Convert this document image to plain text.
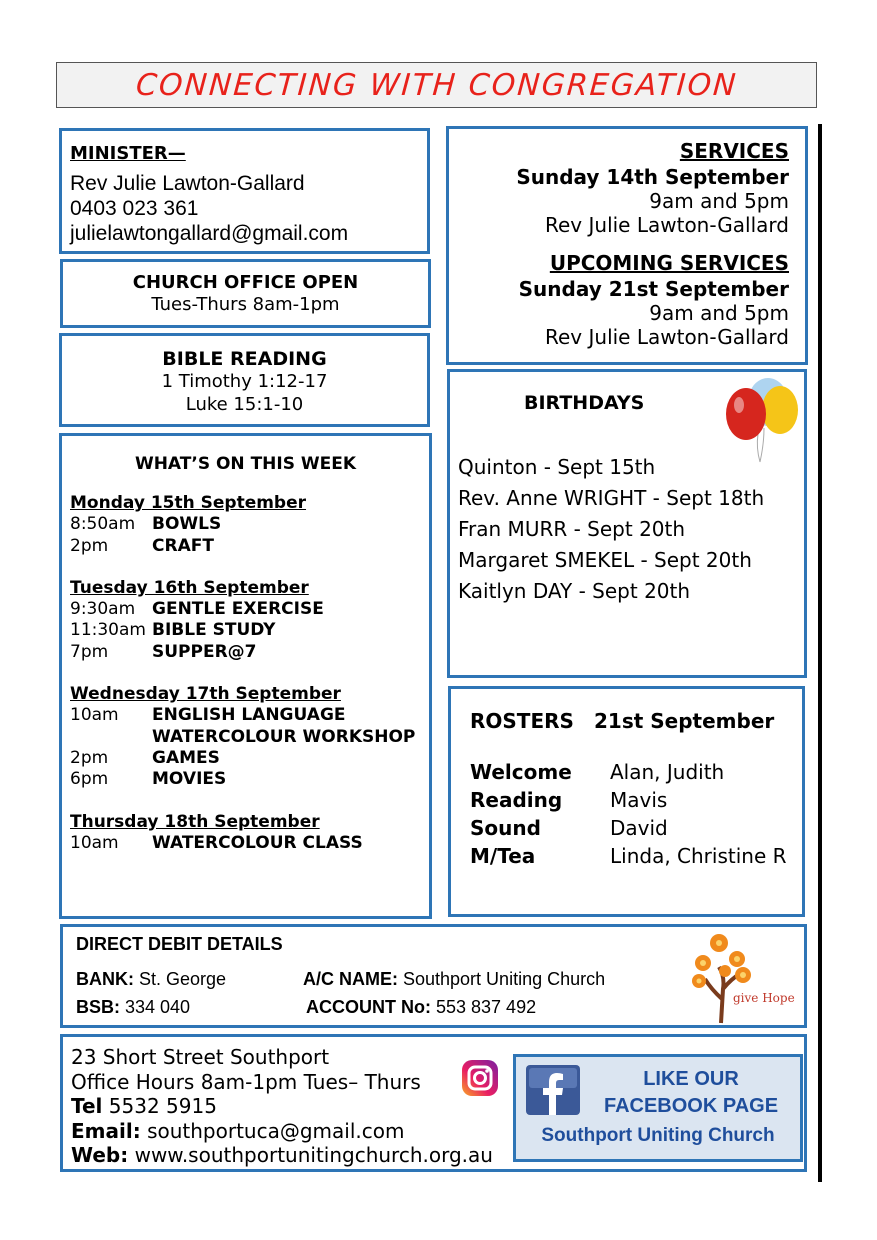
CONNECTING WITH CONGREGATION
MINISTER—
Rev Julie Lawton-Gallard
0403 023 361
julielawtongallard@gmail.com
CHURCH OFFICE OPEN
Tues-Thurs 8am-1pm
BIBLE READING
1 Timothy 1:12-17
Luke 15:1-10
WHAT’S ON THIS WEEK
Monday 15th September
8:50am BOWLS
2pm	CRAFT
Tuesday 16th September
9:30am GENTLE EXERCISE
11:30am BIBLE STUDY
7pm	SUPPER@7
Wednesday 17th September
10am	ENGLISH LANGUAGE
WATERCOLOUR WORKSHOP
2pm	GAMES
6pm	MOVIES
Thursday 18th September
10am	WATERCOLOUR CLASS
SERVICES
Sunday 14th September
9am and 5pm
Rev Julie Lawton-Gallard
UPCOMING SERVICES
Sunday 21st September
9am and 5pm
Rev Julie Lawton-Gallard
BIRTHDAYS
Quinton - Sept 15th
Rev. Anne WRIGHT - Sept 18th
Fran MURR - Sept 20th
Margaret SMEKEL - Sept 20th
Kaitlyn DAY - Sept 20th
ROSTERS 21st September
Welcome	Alan, Judith
Reading	Mavis
Sound	David
M/Tea	Linda, Christine R
DIRECT DEBIT DETAILS
BANK: St. George	A/C NAME: Southport Uniting Church
BSB: 334 040	ACCOUNT No: 553 837 492	give Hope
23 Short Street Southport
Office Hours 8am-1pm Tues– Thurs
Tel 5532 5915
Email: southportuca@gmail.com
Web: www.southportunitingchurch.org.au
LIKE OUR
FACEBOOK PAGE
Southport Uniting Church
